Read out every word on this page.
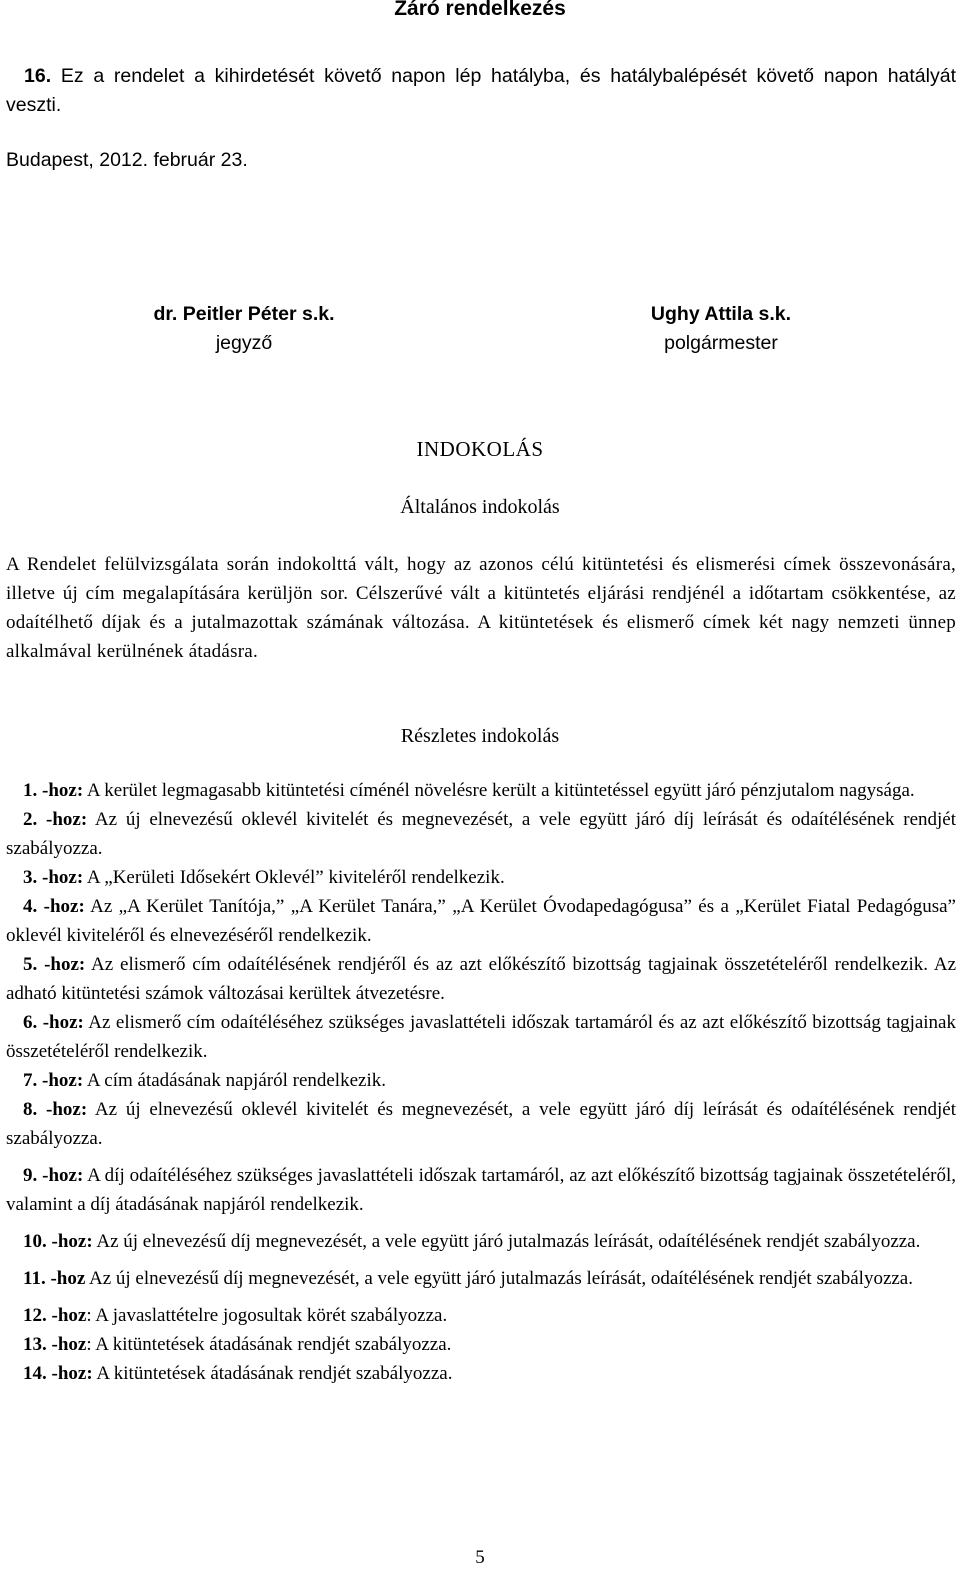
Záró rendelkezés
16. Ez a rendelet a kihirdetését követő napon lép hatályba, és hatálybalépését követő napon hatályát veszti.
Budapest, 2012. február 23.
dr. Peitler Péter s.k.
jegyző
Ughy Attila s.k.
polgármester
INDOKOLÁS
Általános indokolás
A Rendelet felülvizsgálata során indokolttá vált, hogy az azonos célú kitüntetési és elismerési címek összevonására, illetve új cím megalapítására kerüljön sor. Célszerűvé vált a kitüntetés eljárási rendjénél a időtartam csökkentése, az odaítélhető díjak és a jutalmazottak számának változása. A kitüntetések és elismerő címek két nagy nemzeti ünnep alkalmával kerülnének átadásra.
Részletes indokolás

1. -hoz: A kerület legmagasabb kitüntetési címénél növelésre került a kitüntetéssel együtt járó pénzjutalom nagysága.

2. -hoz: Az új elnevezésű oklevél kivitelét és megnevezését, a vele együtt járó díj leírását és odaítélésének rendjét szabályozza.

3. -hoz: A „Kerületi Idősekért Oklevél” kiviteléről rendelkezik.

4. -hoz: Az „A Kerület Tanítója,” „A Kerület Tanára,” „A Kerület Óvodapedagógusa” és a „Kerület Fiatal Pedagógusa” oklevél kiviteléről és elnevezéséről rendelkezik.

5. -hoz: Az elismerő cím odaítélésének rendjéről és az azt előkészítő bizottság tagjainak összetételéről rendelkezik. Az adható kitüntetési számok változásai kerültek átvezetésre.

6. -hoz: Az elismerő cím odaítéléséhez szükséges javaslattételi időszak tartamáról és az azt előkészítő bizottság tagjainak összetételéről rendelkezik.

7. -hoz: A cím átadásának napjáról rendelkezik.

8. -hoz: Az új elnevezésű oklevél kivitelét és megnevezését, a vele együtt járó díj leírását és odaítélésének rendjét szabályozza.

9. -hoz: A díj odaítéléséhez szükséges javaslattételi időszak tartamáról, az azt előkészítő bizottság tagjainak összetételéről, valamint a díj átadásának napjáról rendelkezik.

10. -hoz: Az új elnevezésű díj megnevezését, a vele együtt járó jutalmazás leírását, odaítélésének rendjét szabályozza.

11. -hoz Az új elnevezésű díj megnevezését, a vele együtt járó jutalmazás leírását, odaítélésének rendjét szabályozza.

12. -hoz: A javaslattételre jogosultak körét szabályozza.

13. -hoz: A kitüntetések átadásának rendjét szabályozza.

14. -hoz: A kitüntetések átadásának rendjét szabályozza.

5
